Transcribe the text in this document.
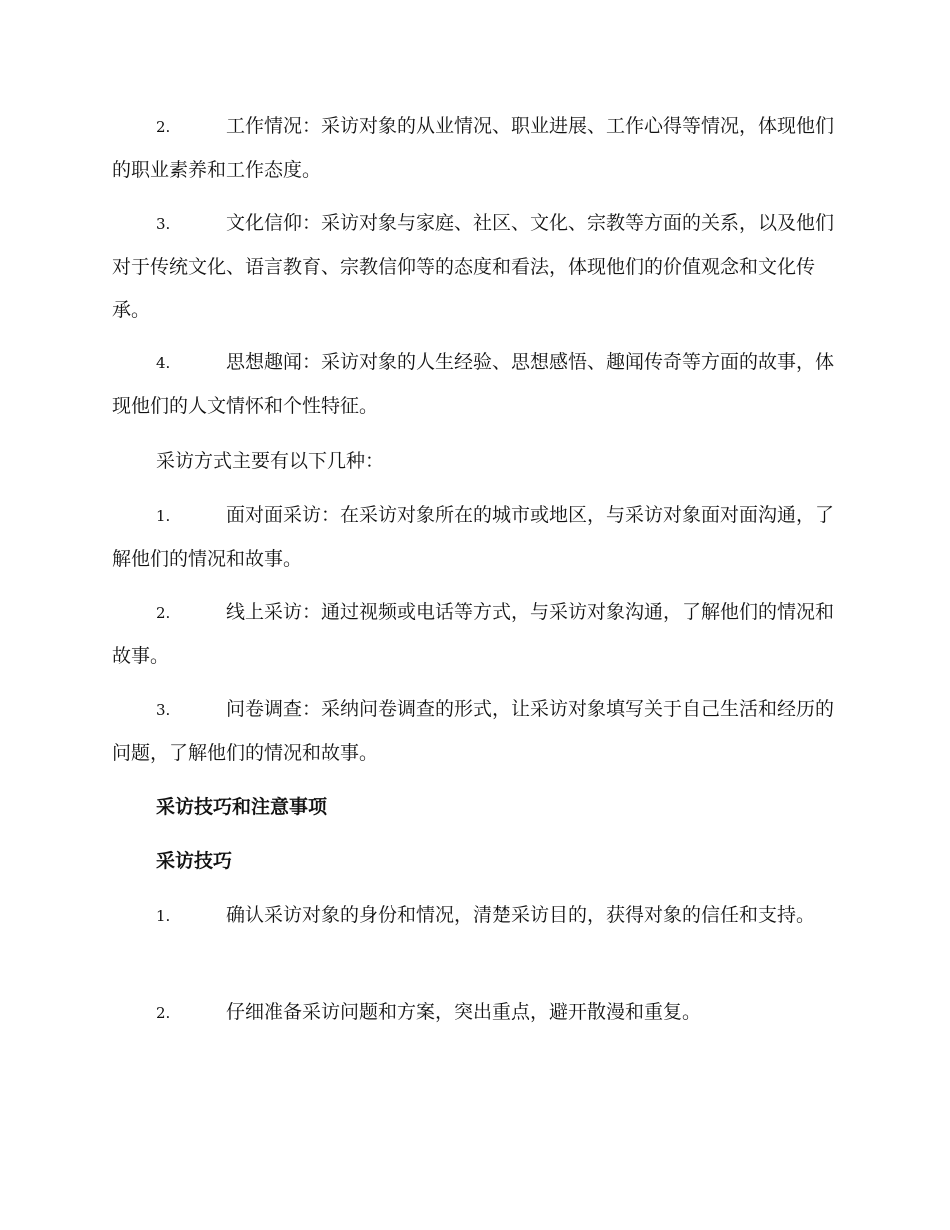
2.	工作情况：采访对象的从业情况、职业进展、工作心得等情况，体现他们的职业素养和工作态度。

3.	文化信仰：采访对象与家庭、社区、文化、宗教等方面的关系，以及他们对于传统文化、语言教育、宗教信仰等的态度和看法，体现他们的价值观念和文化传承。

4.	思想趣闻：采访对象的人生经验、思想感悟、趣闻传奇等方面的故事，体现他们的人文情怀和个性特征。

采访方式主要有以下几种：

1.	面对面采访：在采访对象所在的城市或地区，与采访对象面对面沟通，了解他们的情况和故事。

2.	线上采访：通过视频或电话等方式，与采访对象沟通，了解他们的情况和故事。

3.	问卷调查：采纳问卷调查的形式，让采访对象填写关于自己生活和经历的问题，了解他们的情况和故事。

采访技巧和注意事项

采访技巧

1.	确认采访对象的身份和情况，清楚采访目的，获得对象的信任和支持。

2.	仔细准备采访问题和方案，突出重点，避开散漫和重复。
